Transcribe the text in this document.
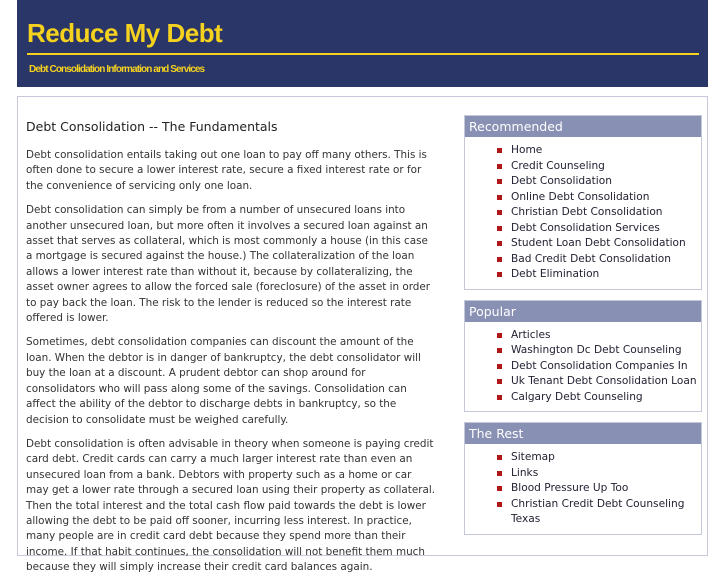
Reduce My Debt
Debt Consolidation Information and Services
Debt Consolidation -- The Fundamentals

Debt consolidation entails taking out one loan to pay off many others. This is often done to secure a lower interest rate, secure a fixed interest rate or for the convenience of servicing only one loan.

Debt consolidation can simply be from a number of unsecured loans into another unsecured loan, but more often it involves a secured loan against an asset that serves as collateral, which is most commonly a house (in this case a mortgage is secured against the house.) The collateralization of the loan allows a lower interest rate than without it, because by collateralizing, the asset owner agrees to allow the forced sale (foreclosure) of the asset in order to pay back the loan. The risk to the lender is reduced so the interest rate offered is lower.

Sometimes, debt consolidation companies can discount the amount of the loan. When the debtor is in danger of bankruptcy, the debt consolidator will buy the loan at a discount. A prudent debtor can shop around for consolidators who will pass along some of the savings. Consolidation can affect the ability of the debtor to discharge debts in bankruptcy, so the decision to consolidate must be weighed carefully.

Debt consolidation is often advisable in theory when someone is paying credit card debt. Credit cards can carry a much larger interest rate than even an unsecured loan from a bank. Debtors with property such as a home or car may get a lower rate through a secured loan using their property as collateral. Then the total interest and the total cash flow paid towards the debt is lower allowing the debt to be paid off sooner, incurring less interest. In practice, many people are in credit card debt because they spend more than their income. If that habit continues, the consolidation will not benefit them much because they will simply increase their credit card balances again.

Recommended
Home
Credit Counseling
Debt Consolidation
Online Debt Consolidation
Christian Debt Consolidation
Debt Consolidation Services
Student Loan Debt Consolidation
Bad Credit Debt Consolidation
Debt Elimination
Popular
Articles
Washington Dc Debt Counseling
Debt Consolidation Companies In
Uk Tenant Debt Consolidation Loan
Calgary Debt Counseling
The Rest
Sitemap
Links
Blood Pressure Up Too
Christian Credit Debt Counseling Texas
